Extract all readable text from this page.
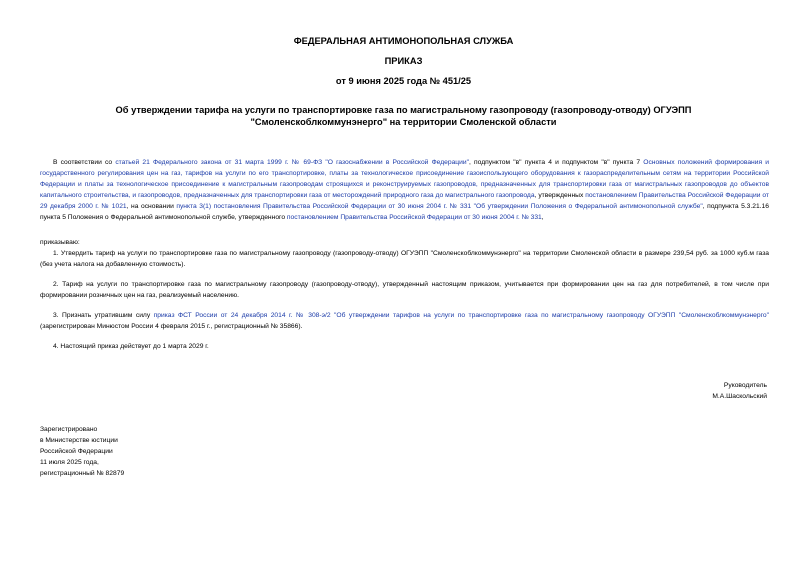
ФЕДЕРАЛЬНАЯ АНТИМОНОПОЛЬНАЯ СЛУЖБА
ПРИКАЗ
от 9 июня 2025 года № 451/25
Об утверждении тарифа на услуги по транспортировке газа по магистральному газопроводу (газопроводу-отводу) ОГУЭПП "Смоленскоблкоммунэнерго" на территории Смоленской области

В соответствии со статьей 21 Федерального закона от 31 марта 1999 г. № 69-ФЗ "О газоснабжении в Российской Федерации", подпунктом "в" пункта 4 и подпунктом "в" пункта 7 Основных положений формирования и государственного регулирования цен на газ, тарифов на услуги по его транспортировке, платы за технологическое присоединение газоиспользующего оборудования к газораспределительным сетям на территории Российской Федерации и платы за технологическое присоединение к магистральным газопроводам строящихся и реконструируемых газопроводов, предназначенных для транспортировки газа от магистральных газопроводов до объектов капитального строительства, и газопроводов, предназначенных для транспортировки газа от месторождений природного газа до магистрального газопровода, утвержденных постановлением Правительства Российской Федерации от 29 декабря 2000 г. № 1021, на основании пункта 3(1) постановления Правительства Российской Федерации от 30 июня 2004 г. № 331 "Об утверждении Положения о Федеральной антимонопольной службе", подпункта 5.3.21.16 пункта 5 Положения о Федеральной антимонопольной службе, утвержденного постановлением Правительства Российской Федерации от 30 июня 2004 г. № 331,

приказываю:

1. Утвердить тариф на услуги по транспортировке газа по магистральному газопроводу (газопроводу-отводу) ОГУЭПП "Смоленскоблкоммунэнерго" на территории Смоленской области в размере 239,54 руб. за 1000 куб.м газа (без учета налога на добавленную стоимость).

2. Тариф на услуги по транспортировке газа по магистральному газопроводу (газопроводу-отводу), утвержденный настоящим приказом, учитывается при формировании цен на газ для потребителей, в том числе при формировании розничных цен на газ, реализуемый населению.

3. Признать утратившим силу приказ ФСТ России от 24 декабря 2014 г. № 308-э/2 "Об утверждении тарифов на услуги по транспортировке газа по магистральному газопроводу ОГУЭПП "Смоленскоблкоммунэнерго" (зарегистрирован Минюстом России 4 февраля 2015 г., регистрационный № 35866).

4. Настоящий приказ действует до 1 марта 2029 г.

Руководитель
М.А.Шаскольский
Зарегистрировано
в Министерстве юстиции
Российской Федерации
11 июля 2025 года,
регистрационный № 82879
